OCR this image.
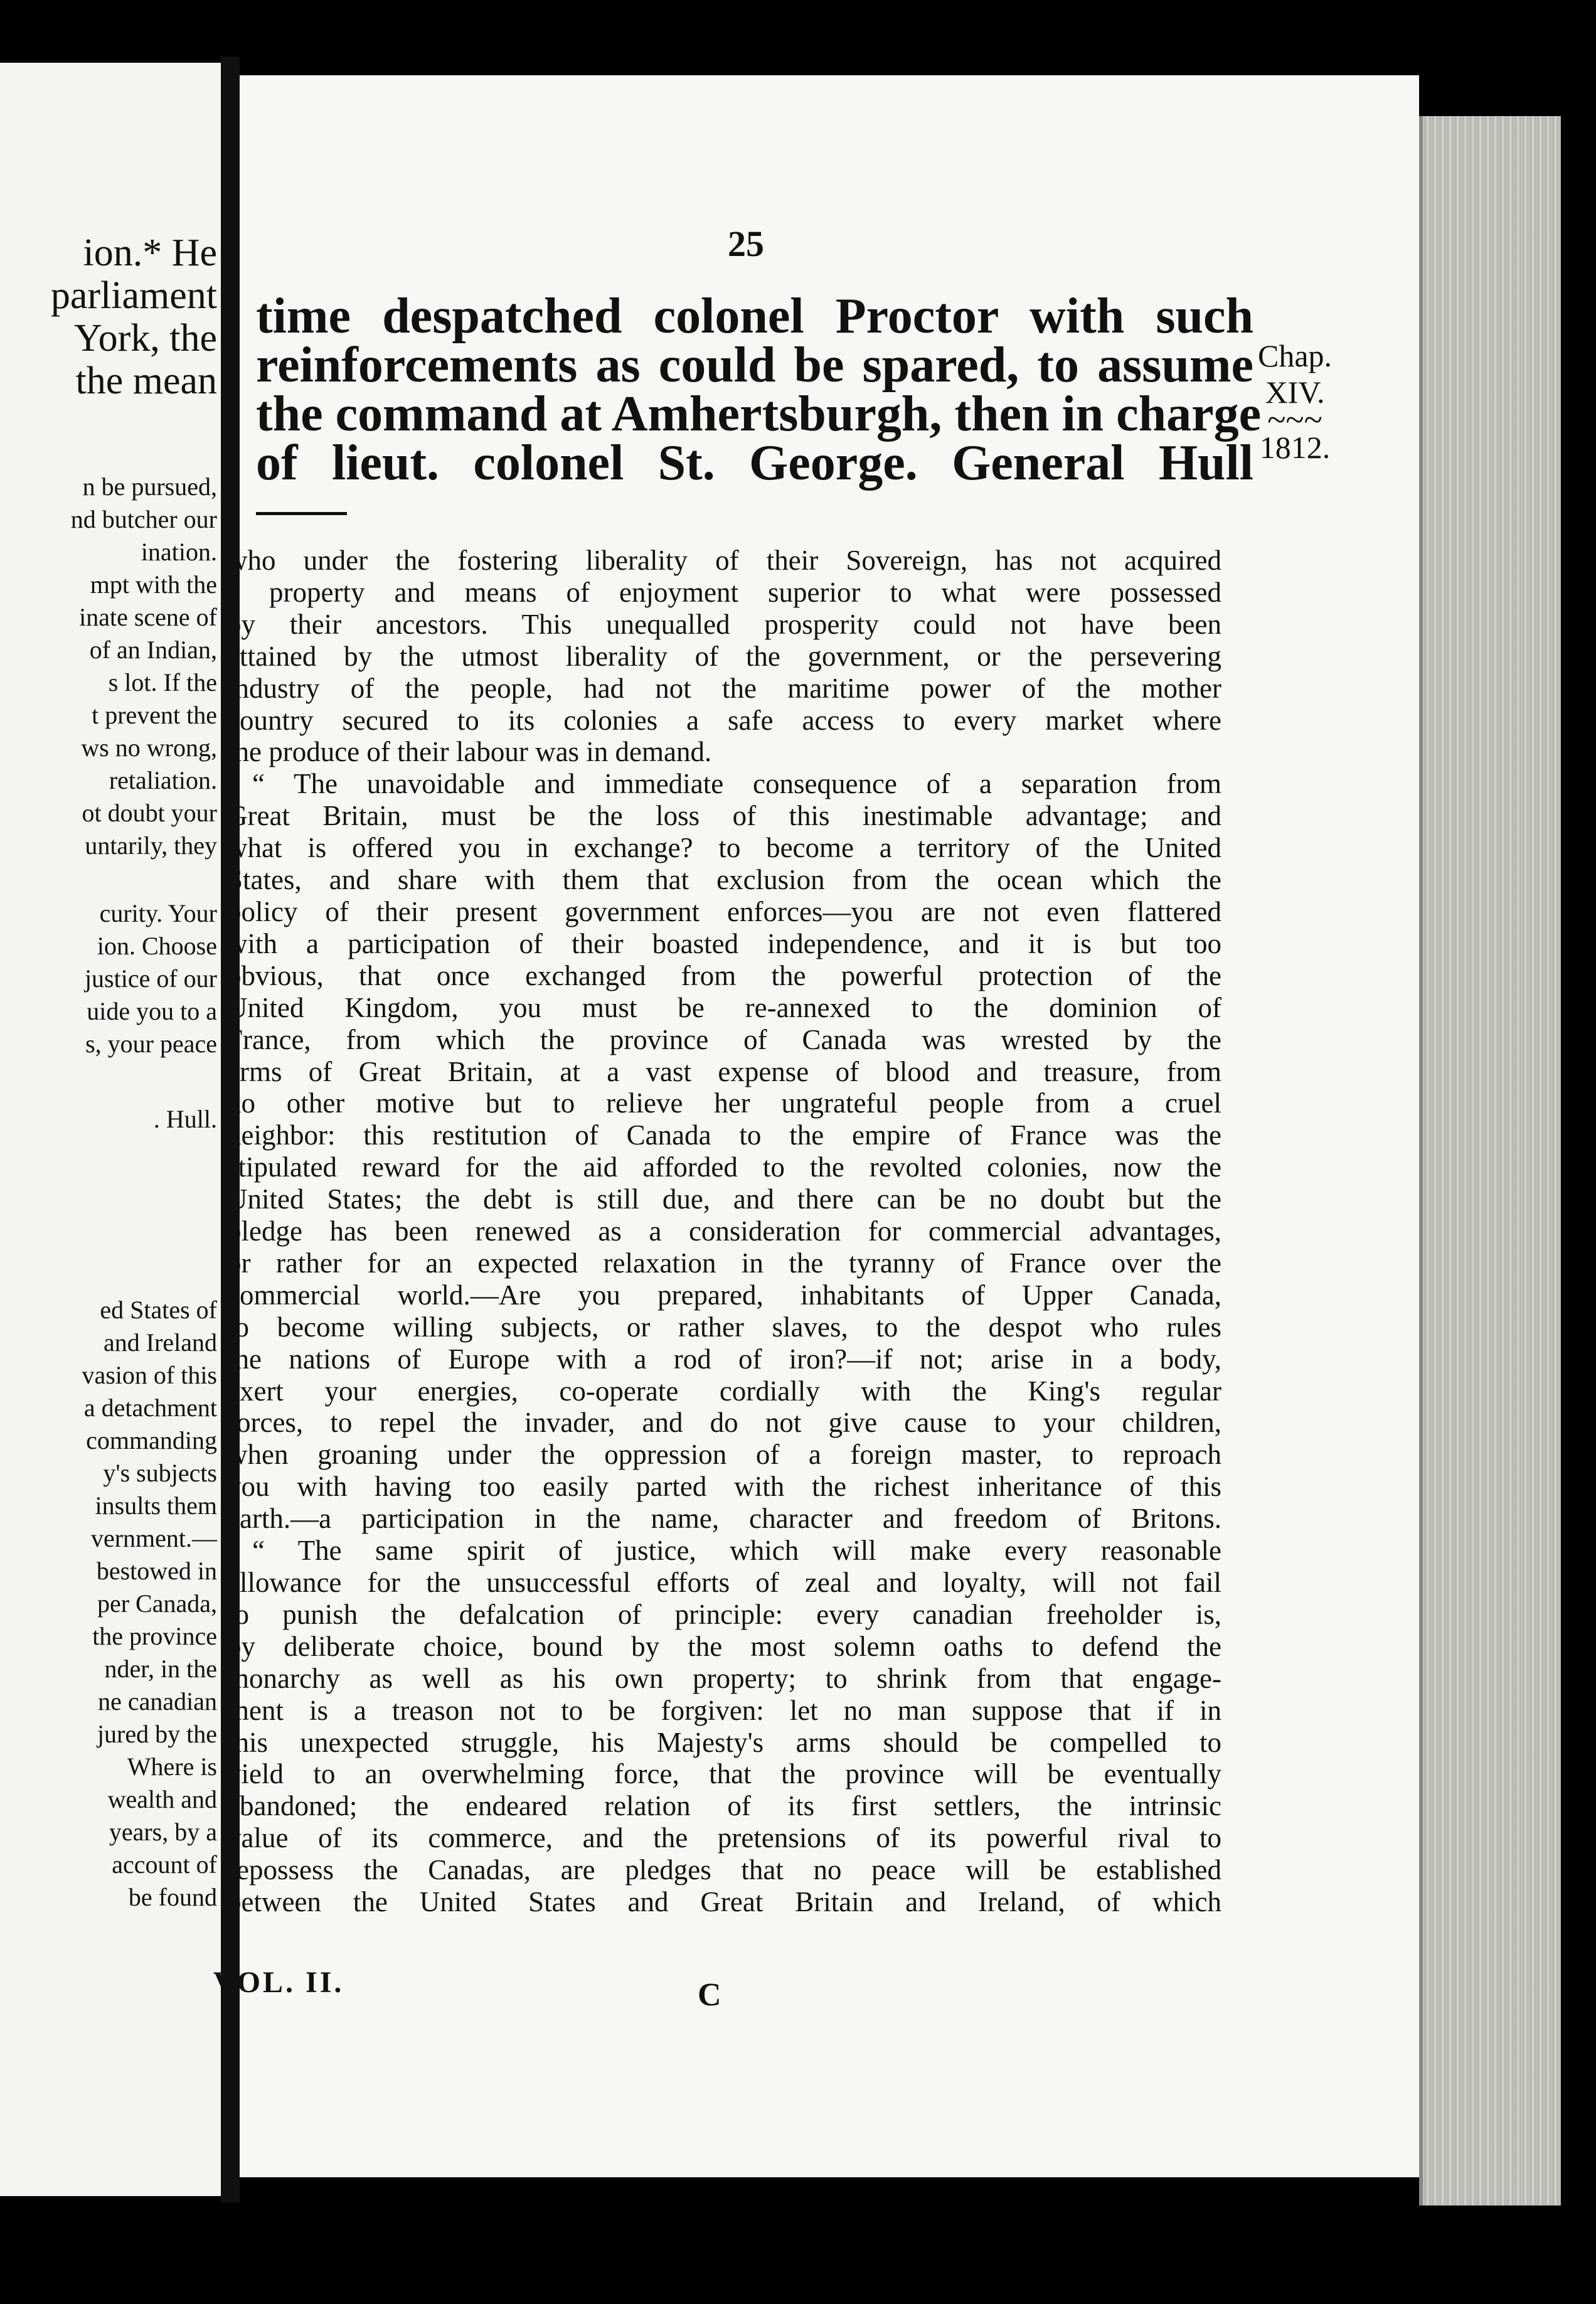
ion.* He
parliament
York, the
the mean
n be pursued,
nd butcher our
ination.
mpt with the
inate scene of
of an Indian,
s lot. If the
t prevent the
ws no wrong,
retaliation.
ot doubt your
untarily, they
curity. Your
ion. Choose
justice of our
uide you to a
s, your peace
. Hull.
ed States of
and Ireland
vasion of this
a detachment
commanding
y's subjects
insults them
vernment.—
bestowed in
per Canada,
the province
nder, in the
ne canadian
jured by the
Where is
wealth and
years, by a
account of
be found
25
time despatched colonel Proctor with such
reinforcements as could be spared, to assume
the command at Amhertsburgh, then in charge
of lieut. colonel St. George. General Hull
Chap.
XIV.
~~~
1812.
who under the fostering liberality of their Sovereign, has not acquired
a property and means of enjoyment superior to what were possessed
by their ancestors. This unequalled prosperity could not have been
attained by the utmost liberality of the government, or the persevering
industry of the people, had not the maritime power of the mother
country secured to its colonies a safe access to every market where
the produce of their labour was in demand.
“ The unavoidable and immediate consequence of a separation from
Great Britain, must be the loss of this inestimable advantage; and
what is offered you in exchange? to become a territory of the United
States, and share with them that exclusion from the ocean which the
policy of their present government enforces—you are not even flattered
with a participation of their boasted independence, and it is but too
obvious, that once exchanged from the powerful protection of the
United Kingdom, you must be re-annexed to the dominion of
France, from which the province of Canada was wrested by the
arms of Great Britain, at a vast expense of blood and treasure, from
no other motive but to relieve her ungrateful people from a cruel
neighbor: this restitution of Canada to the empire of France was the
stipulated reward for the aid afforded to the revolted colonies, now the
United States; the debt is still due, and there can be no doubt but the
pledge has been renewed as a consideration for commercial advantages,
or rather for an expected relaxation in the tyranny of France over the
commercial world.—Are you prepared, inhabitants of Upper Canada,
to become willing subjects, or rather slaves, to the despot who rules
the nations of Europe with a rod of iron?—if not; arise in a body,
exert your energies, co-operate cordially with the King's regular
forces, to repel the invader, and do not give cause to your children,
when groaning under the oppression of a foreign master, to reproach
you with having too easily parted with the richest inheritance of this
earth.—a participation in the name, character and freedom of Britons.
“ The same spirit of justice, which will make every reasonable
allowance for the unsuccessful efforts of zeal and loyalty, will not fail
to punish the defalcation of principle: every canadian freeholder is,
by deliberate choice, bound by the most solemn oaths to defend the
monarchy as well as his own property; to shrink from that engage-
ment is a treason not to be forgiven: let no man suppose that if in
this unexpected struggle, his Majesty's arms should be compelled to
yield to an overwhelming force, that the province will be eventually
abandoned; the endeared relation of its first settlers, the intrinsic
value of its commerce, and the pretensions of its powerful rival to
repossess the Canadas, are pledges that no peace will be established
between the United States and Great Britain and Ireland, of which
VOL. II.	C
